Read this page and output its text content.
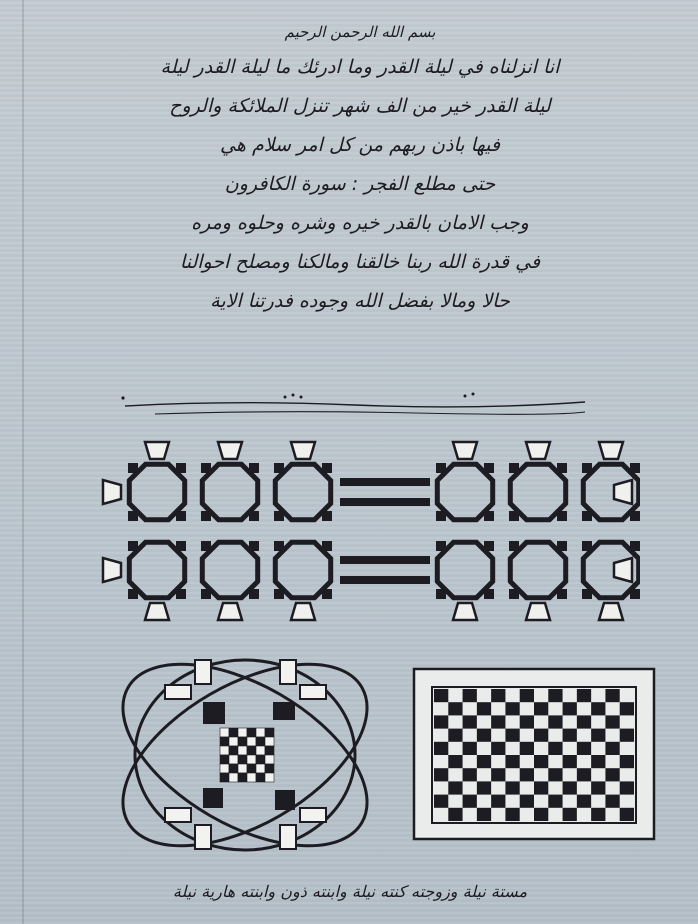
بسم الله الرحمن الرحيم
انا انزلناه في ليلة القدر وما ادرئك ما ليلة القدر ليلة
ليلة القدر خير من الف شهر تنزل الملائكة والروح
فيها باذن ربهم من كل امر سلام هي
حتى مطلع الفجر : سورة الكافرون
وجب الامان بالقدر خيره وشره وحلوه ومره
في قدرة الله ربنا خالقنا ومالكنا ومصلح احوالنا
حالا ومالا بفضل الله وجوده فدرتنا الاية
مستة نيلة وزوجته كنته نيلة وابنته ذون وابنته هارية نيلة
